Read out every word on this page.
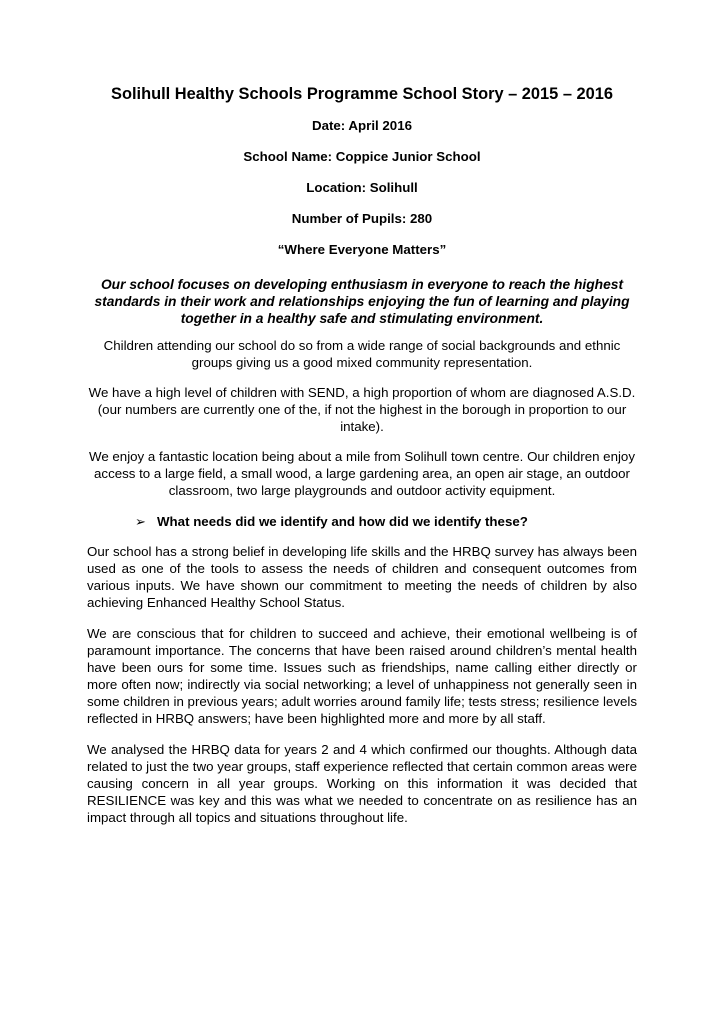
Solihull Healthy Schools Programme School Story – 2015 – 2016

Date: April 2016

School Name: Coppice Junior School

Location: Solihull

Number of Pupils: 280

“Where Everyone Matters”

Our school focuses on developing enthusiasm in everyone to reach the highest standards in their work and relationships enjoying the fun of learning and playing together in a healthy safe and stimulating environment.

Children attending our school do so from a wide range of social backgrounds and ethnic groups giving us a good mixed community representation.

We have a high level of children with SEND, a high proportion of whom are diagnosed A.S.D. (our numbers are currently one of the, if not the highest in the borough in proportion to our intake).

We enjoy a fantastic location being about a mile from Solihull town centre. Our children enjoy access to a large field, a small wood, a large gardening area, an open air stage, an outdoor classroom, two large playgrounds and outdoor activity equipment.

➢ What needs did we identify and how did we identify these?

Our school has a strong belief in developing life skills and the HRBQ survey has always been used as one of the tools to assess the needs of children and consequent outcomes from various inputs. We have shown our commitment to meeting the needs of children by also achieving Enhanced Healthy School Status.

We are conscious that for children to succeed and achieve, their emotional wellbeing is of paramount importance. The concerns that have been raised around children’s mental health have been ours for some time. Issues such as friendships, name calling either directly or more often now; indirectly via social networking; a level of unhappiness not generally seen in some children in previous years; adult worries around family life; tests stress; resilience levels reflected in HRBQ answers; have been highlighted more and more by all staff.

We analysed the HRBQ data for years 2 and 4 which confirmed our thoughts. Although data related to just the two year groups, staff experience reflected that certain common areas were causing concern in all year groups. Working on this information it was decided that RESILIENCE was key and this was what we needed to concentrate on as resilience has an impact through all topics and situations throughout life.
